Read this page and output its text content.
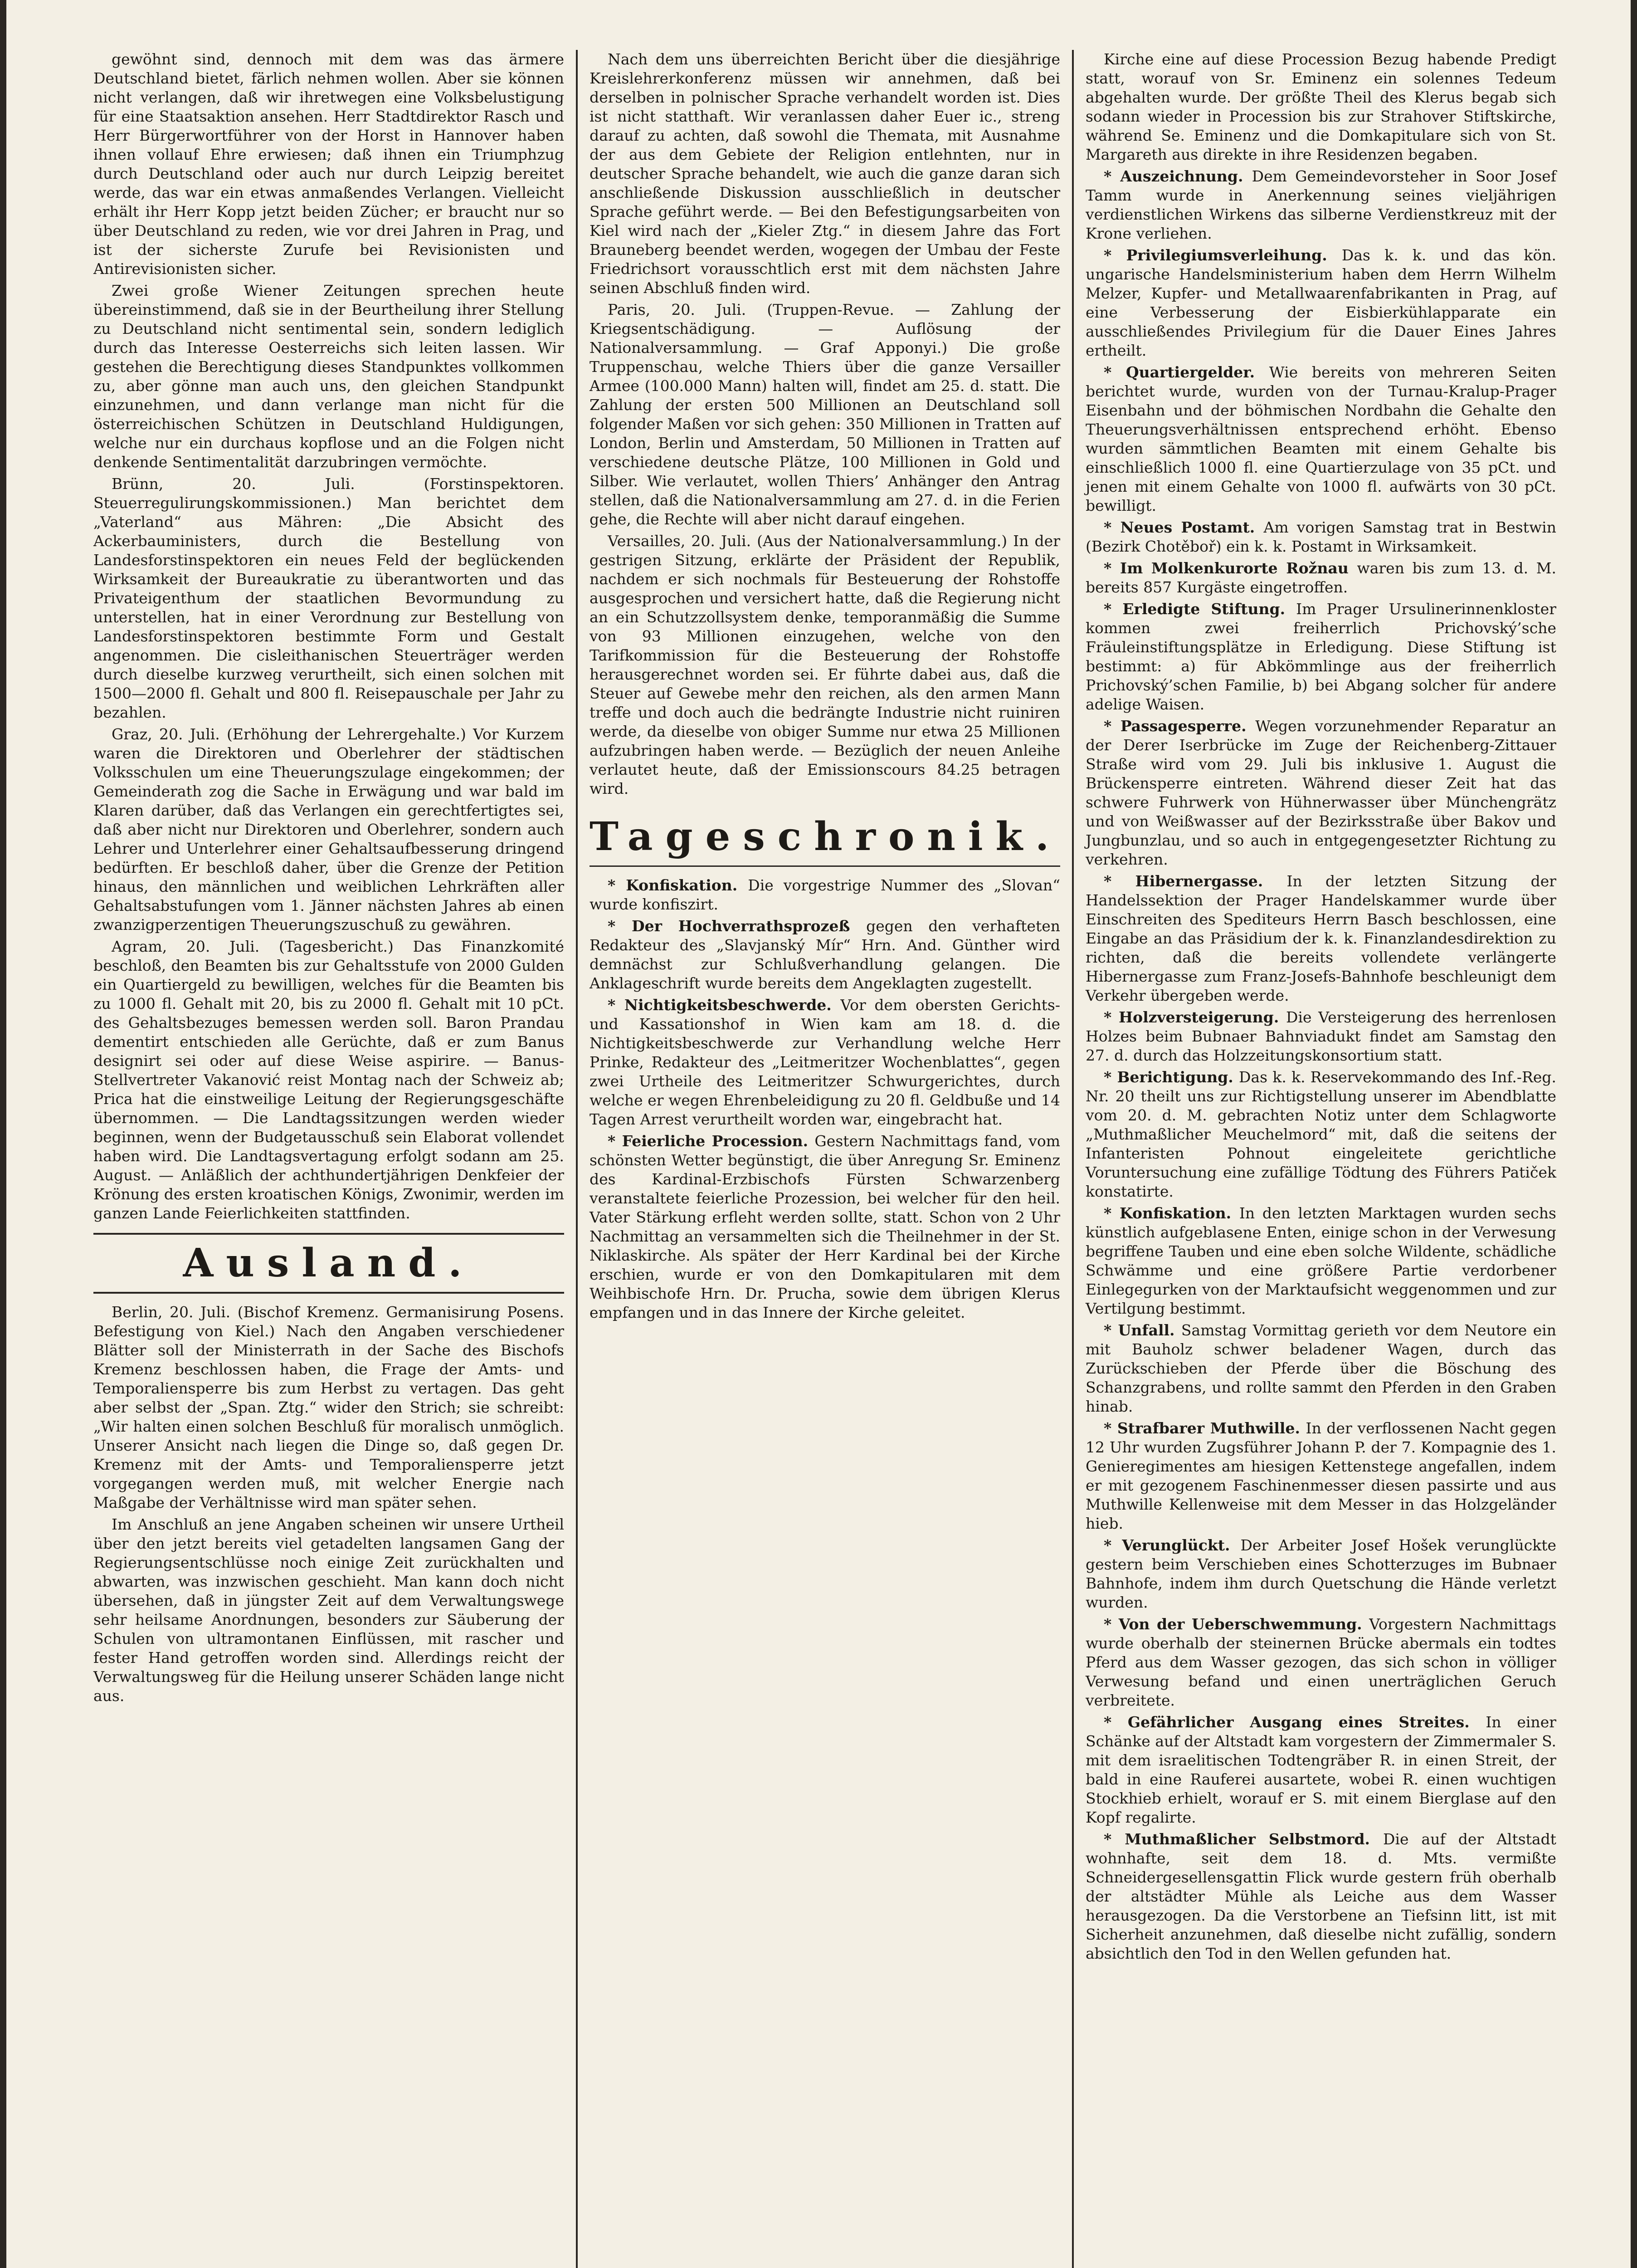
gewöhnt sind, dennoch mit dem was das ärmere Deutschland bietet, färlich nehmen wollen. Aber sie können nicht verlangen, daß wir ihretwegen eine Volksbelustigung für eine Staatsaktion ansehen. Herr Stadtdirektor Rasch und Herr Bürgerwortführer von der Horst in Hannover haben ihnen vollauf Ehre erwiesen; daß ihnen ein Triumphzug durch Deutschland oder auch nur durch Leipzig bereitet werde, das war ein etwas anmaßendes Verlangen. Vielleicht erhält ihr Herr Kopp jetzt beiden Zücher; er braucht nur so über Deutschland zu reden, wie vor drei Jahren in Prag, und ist der sicherste Zurufe bei Revisionisten und Antirevisionisten sicher.

Zwei große Wiener Zeitungen sprechen heute übereinstimmend, daß sie in der Beurtheilung ihrer Stellung zu Deutschland nicht sentimental sein, sondern lediglich durch das Interesse Oesterreichs sich leiten lassen. Wir gestehen die Berechtigung dieses Standpunktes vollkommen zu, aber gönne man auch uns, den gleichen Standpunkt einzunehmen, und dann verlange man nicht für die österreichischen Schützen in Deutschland Huldigungen, welche nur ein durchaus kopflose und an die Folgen nicht denkende Sentimentalität darzubringen vermöchte.

Brünn, 20. Juli. (Forstinspektoren. Steuerregulirungskommissionen.) Man berichtet dem „Vaterland“ aus Mähren: „Die Absicht des Ackerbauministers, durch die Bestellung von Landesforstinspektoren ein neues Feld der beglückenden Wirksamkeit der Bureaukratie zu überantworten und das Privateigenthum der staatlichen Bevormundung zu unterstellen, hat in einer Verordnung zur Bestellung von Landesforstinspektoren bestimmte Form und Gestalt angenommen. Die cisleithanischen Steuerträger werden durch dieselbe kurzweg verurtheilt, sich einen solchen mit 1500—2000 fl. Gehalt und 800 fl. Reisepauschale per Jahr zu bezahlen.

Graz, 20. Juli. (Erhöhung der Lehrergehalte.) Vor Kurzem waren die Direktoren und Oberlehrer der städtischen Volksschulen um eine Theuerungszulage eingekommen; der Gemeinderath zog die Sache in Erwägung und war bald im Klaren darüber, daß das Verlangen ein gerechtfertigtes sei, daß aber nicht nur Direktoren und Oberlehrer, sondern auch Lehrer und Unterlehrer einer Gehaltsaufbesserung dringend bedürften. Er beschloß daher, über die Grenze der Petition hinaus, den männlichen und weiblichen Lehrkräften aller Gehaltsabstufungen vom 1. Jänner nächsten Jahres ab einen zwanzigperzentigen Theuerungszuschuß zu gewähren.

Agram, 20. Juli. (Tagesbericht.) Das Finanzkomité beschloß, den Beamten bis zur Gehaltsstufe von 2000 Gulden ein Quartiergeld zu bewilligen, welches für die Beamten bis zu 1000 fl. Gehalt mit 20, bis zu 2000 fl. Gehalt mit 10 pCt. des Gehaltsbezuges bemessen werden soll. Baron Prandau dementirt entschieden alle Gerüchte, daß er zum Banus designirt sei oder auf diese Weise aspirire. — Banus-Stellvertreter Vakanović reist Montag nach der Schweiz ab; Prica hat die einstweilige Leitung der Regierungsgeschäfte übernommen. — Die Landtagssitzungen werden wieder beginnen, wenn der Budgetausschuß sein Elaborat vollendet haben wird. Die Landtagsvertagung erfolgt sodann am 25. August. — Anläßlich der achthundertjährigen Denkfeier der Krönung des ersten kroatischen Königs, Zwonimir, werden im ganzen Lande Feierlichkeiten stattfinden.

Ausland.

Berlin, 20. Juli. (Bischof Kremenz. Germanisirung Posens. Befestigung von Kiel.) Nach den Angaben verschiedener Blätter soll der Ministerrath in der Sache des Bischofs Kremenz beschlossen haben, die Frage der Amts- und Temporaliensperre bis zum Herbst zu vertagen. Das geht aber selbst der „Span. Ztg.“ wider den Strich; sie schreibt: „Wir halten einen solchen Beschluß für moralisch unmöglich. Unserer Ansicht nach liegen die Dinge so, daß gegen Dr. Kremenz mit der Amts- und Temporaliensperre jetzt vorgegangen werden muß, mit welcher Energie nach Maßgabe der Verhältnisse wird man später sehen.

Im Anschluß an jene Angaben scheinen wir unsere Urtheil über den jetzt bereits viel getadelten langsamen Gang der Regierungsentschlüsse noch einige Zeit zurückhalten und abwarten, was inzwischen geschieht. Man kann doch nicht übersehen, daß in jüngster Zeit auf dem Verwaltungswege sehr heilsame Anordnungen, besonders zur Säuberung der Schulen von ultramontanen Einflüssen, mit rascher und fester Hand getroffen worden sind. Allerdings reicht der Verwaltungsweg für die Heilung unserer Schäden lange nicht aus.

Nach dem uns überreichten Bericht über die diesjährige Kreislehrerkonferenz müssen wir annehmen, daß bei derselben in polnischer Sprache verhandelt worden ist. Dies ist nicht statthaft. Wir veranlassen daher Euer ic., streng darauf zu achten, daß sowohl die Themata, mit Ausnahme der aus dem Gebiete der Religion entlehnten, nur in deutscher Sprache behandelt, wie auch die ganze daran sich anschließende Diskussion ausschließlich in deutscher Sprache geführt werde. — Bei den Befestigungsarbeiten von Kiel wird nach der „Kieler Ztg.“ in diesem Jahre das Fort Brauneberg beendet werden, wogegen der Umbau der Feste Friedrichsort vorausschtlich erst mit dem nächsten Jahre seinen Abschluß finden wird.

Paris, 20. Juli. (Truppen-Revue. — Zahlung der Kriegsentschädigung. — Auflösung der Nationalversammlung. — Graf Apponyi.) Die große Truppenschau, welche Thiers über die ganze Versailler Armee (100.000 Mann) halten will, findet am 25. d. statt. Die Zahlung der ersten 500 Millionen an Deutschland soll folgender Maßen vor sich gehen: 350 Millionen in Tratten auf London, Berlin und Amsterdam, 50 Millionen in Tratten auf verschiedene deutsche Plätze, 100 Millionen in Gold und Silber. Wie verlautet, wollen Thiers’ Anhänger den Antrag stellen, daß die Nationalversammlung am 27. d. in die Ferien gehe, die Rechte will aber nicht darauf eingehen.

Versailles, 20. Juli. (Aus der Nationalversammlung.) In der gestrigen Sitzung, erklärte der Präsident der Republik, nachdem er sich nochmals für Besteuerung der Rohstoffe ausgesprochen und versichert hatte, daß die Regierung nicht an ein Schutzzollsystem denke, temporanmäßig die Summe von 93 Millionen einzugehen, welche von den Tarifkommission für die Besteuerung der Rohstoffe herausgerechnet worden sei. Er führte dabei aus, daß die Steuer auf Gewebe mehr den reichen, als den armen Mann treffe und doch auch die bedrängte Industrie nicht ruiniren werde, da dieselbe von obiger Summe nur etwa 25 Millionen aufzubringen haben werde. — Bezüglich der neuen Anleihe verlautet heute, daß der Emissionscours 84.25 betragen wird.

Tageschronik.

* Konfiskation. Die vorgestrige Nummer des „Slovan“ wurde konfiszirt.

* Der Hochverrathsprozeß gegen den verhafteten Redakteur des „Slavjanský Mír“ Hrn. And. Günther wird demnächst zur Schlußverhandlung gelangen. Die Anklageschrift wurde bereits dem Angeklagten zugestellt.

* Nichtigkeitsbeschwerde. Vor dem obersten Gerichts- und Kassationshof in Wien kam am 18. d. die Nichtigkeitsbeschwerde zur Verhandlung welche Herr Prinke, Redakteur des „Leitmeritzer Wochenblattes“, gegen zwei Urtheile des Leitmeritzer Schwurgerichtes, durch welche er wegen Ehrenbeleidigung zu 20 fl. Geldbuße und 14 Tagen Arrest verurtheilt worden war, eingebracht hat.

* Feierliche Procession. Gestern Nachmittags fand, vom schönsten Wetter begünstigt, die über Anregung Sr. Eminenz des Kardinal-Erzbischofs Fürsten Schwarzenberg veranstaltete feierliche Prozession, bei welcher für den heil. Vater Stärkung erfleht werden sollte, statt. Schon von 2 Uhr Nachmittag an versammelten sich die Theilnehmer in der St. Niklaskirche. Als später der Herr Kardinal bei der Kirche erschien, wurde er von den Domkapitularen mit dem Weihbischofe Hrn. Dr. Prucha, sowie dem übrigen Klerus empfangen und in das Innere der Kirche geleitet.

Kirche eine auf diese Procession Bezug habende Predigt statt, worauf von Sr. Eminenz ein solennes Tedeum abgehalten wurde. Der größte Theil des Klerus begab sich sodann wieder in Procession bis zur Strahover Stiftskirche, während Se. Eminenz und die Domkapitulare sich von St. Margareth aus direkte in ihre Residenzen begaben.

* Auszeichnung. Dem Gemeindevorsteher in Soor Josef Tamm wurde in Anerkennung seines vieljährigen verdienstlichen Wirkens das silberne Verdienstkreuz mit der Krone verliehen.

* Privilegiumsverleihung. Das k. k. und das kön. ungarische Handelsministerium haben dem Herrn Wilhelm Melzer, Kupfer- und Metallwaarenfabrikanten in Prag, auf eine Verbesserung der Eisbierkühlapparate ein ausschließendes Privilegium für die Dauer Eines Jahres ertheilt.

* Quartiergelder. Wie bereits von mehreren Seiten berichtet wurde, wurden von der Turnau-Kralup-Prager Eisenbahn und der böhmischen Nordbahn die Gehalte den Theuerungsverhältnissen entsprechend erhöht. Ebenso wurden sämmtlichen Beamten mit einem Gehalte bis einschließlich 1000 fl. eine Quartierzulage von 35 pCt. und jenen mit einem Gehalte von 1000 fl. aufwärts von 30 pCt. bewilligt.

* Neues Postamt. Am vorigen Samstag trat in Bestwin (Bezirk Chotěboř) ein k. k. Postamt in Wirksamkeit.

* Im Molkenkurorte Rožnau waren bis zum 13. d. M. bereits 857 Kurgäste eingetroffen.

* Erledigte Stiftung. Im Prager Ursulinerinnenkloster kommen zwei freiherrlich Prichovský’sche Fräuleinstiftungsplätze in Erledigung. Diese Stiftung ist bestimmt: a) für Abkömmlinge aus der freiherrlich Prichovský’schen Familie, b) bei Abgang solcher für andere adelige Waisen.

* Passagesperre. Wegen vorzunehmender Reparatur an der Derer Iserbrücke im Zuge der Reichenberg-Zittauer Straße wird vom 29. Juli bis inklusive 1. August die Brückensperre eintreten. Während dieser Zeit hat das schwere Fuhrwerk von Hühnerwasser über Münchengrätz und von Weißwasser auf der Bezirksstraße über Bakov und Jungbunzlau, und so auch in entgegengesetzter Richtung zu verkehren.

* Hibernergasse. In der letzten Sitzung der Handelssektion der Prager Handelskammer wurde über Einschreiten des Spediteurs Herrn Basch beschlossen, eine Eingabe an das Präsidium der k. k. Finanzlandesdirektion zu richten, daß die bereits vollendete verlängerte Hibernergasse zum Franz-Josefs-Bahnhofe beschleunigt dem Verkehr übergeben werde.

* Holzversteigerung. Die Versteigerung des herrenlosen Holzes beim Bubnaer Bahnviadukt findet am Samstag den 27. d. durch das Holzzeitungskonsortium statt.

* Berichtigung. Das k. k. Reservekommando des Inf.-Reg. Nr. 20 theilt uns zur Richtigstellung unserer im Abendblatte vom 20. d. M. gebrachten Notiz unter dem Schlagworte „Muthmaßlicher Meuchelmord“ mit, daß die seitens der Infanteristen Pohnout eingeleitete gerichtliche Voruntersuchung eine zufällige Tödtung des Führers Patiček konstatirte.

* Konfiskation. In den letzten Marktagen wurden sechs künstlich aufgeblasene Enten, einige schon in der Verwesung begriffene Tauben und eine eben solche Wildente, schädliche Schwämme und eine größere Partie verdorbener Einlegegurken von der Marktaufsicht weggenommen und zur Vertilgung bestimmt.

* Unfall. Samstag Vormittag gerieth vor dem Neutore ein mit Bauholz schwer beladener Wagen, durch das Zurückschieben der Pferde über die Böschung des Schanzgrabens, und rollte sammt den Pferden in den Graben hinab.

* Strafbarer Muthwille. In der verflossenen Nacht gegen 12 Uhr wurden Zugsführer Johann P. der 7. Kompagnie des 1. Genieregimentes am hiesigen Kettenstege angefallen, indem er mit gezogenem Faschinenmesser diesen passirte und aus Muthwille Kellenweise mit dem Messer in das Holzgeländer hieb.

* Verunglückt. Der Arbeiter Josef Hošek verunglückte gestern beim Verschieben eines Schotterzuges im Bubnaer Bahnhofe, indem ihm durch Quetschung die Hände verletzt wurden.

* Von der Ueberschwemmung. Vorgestern Nachmittags wurde oberhalb der steinernen Brücke abermals ein todtes Pferd aus dem Wasser gezogen, das sich schon in völliger Verwesung befand und einen unerträglichen Geruch verbreitete.

* Gefährlicher Ausgang eines Streites. In einer Schänke auf der Altstadt kam vorgestern der Zimmermaler S. mit dem israelitischen Todtengräber R. in einen Streit, der bald in eine Rauferei ausartete, wobei R. einen wuchtigen Stockhieb erhielt, worauf er S. mit einem Bierglase auf den Kopf regalirte.

* Muthmaßlicher Selbstmord. Die auf der Altstadt wohnhafte, seit dem 18. d. Mts. vermißte Schneidergesellensgattin Flick wurde gestern früh oberhalb der altstädter Mühle als Leiche aus dem Wasser herausgezogen. Da die Verstorbene an Tiefsinn litt, ist mit Sicherheit anzunehmen, daß dieselbe nicht zufällig, sondern absichtlich den Tod in den Wellen gefunden hat.
